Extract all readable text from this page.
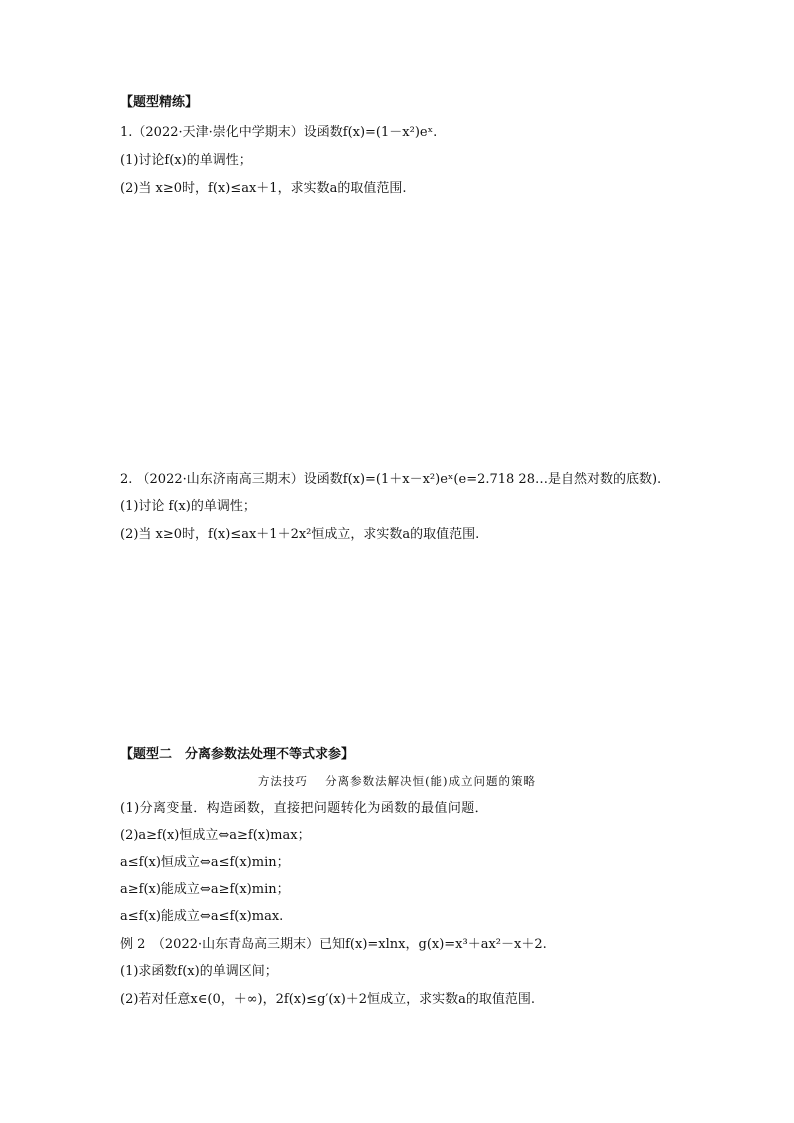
【题型精练】
1.（2022·天津·崇化中学期末）设函数f(x)=(1－x²)eˣ.
(1)讨论f(x)的单调性；
(2)当 x≥0时，f(x)≤ax＋1，求实数a的取值范围.
2. （2022·山东济南高三期末）设函数f(x)=(1＋x－x²)eˣ(e=2.718 28…是自然对数的底数).
(1)讨论 f(x)的单调性；
(2)当 x≥0时，f(x)≤ax＋1＋2x²恒成立，求实数a的取值范围.
【题型二　分离参数法处理不等式求参】
方法技巧　 分离参数法解决恒(能)成立问题的策略
(1)分离变量．构造函数，直接把问题转化为函数的最值问题．
(2)a≥f(x)恒成立⇔a≥f(x)max；
a≤f(x)恒成立⇔a≤f(x)min；
a≥f(x)能成立⇔a≥f(x)min；
a≤f(x)能成立⇔a≤f(x)max.
例 2　（2022·山东青岛高三期末）已知f(x)=xlnx，g(x)=x³＋ax²－x＋2.
(1)求函数f(x)的单调区间；
(2)若对任意x∈(0，＋∞)，2f(x)≤g′(x)＋2恒成立，求实数a的取值范围.
